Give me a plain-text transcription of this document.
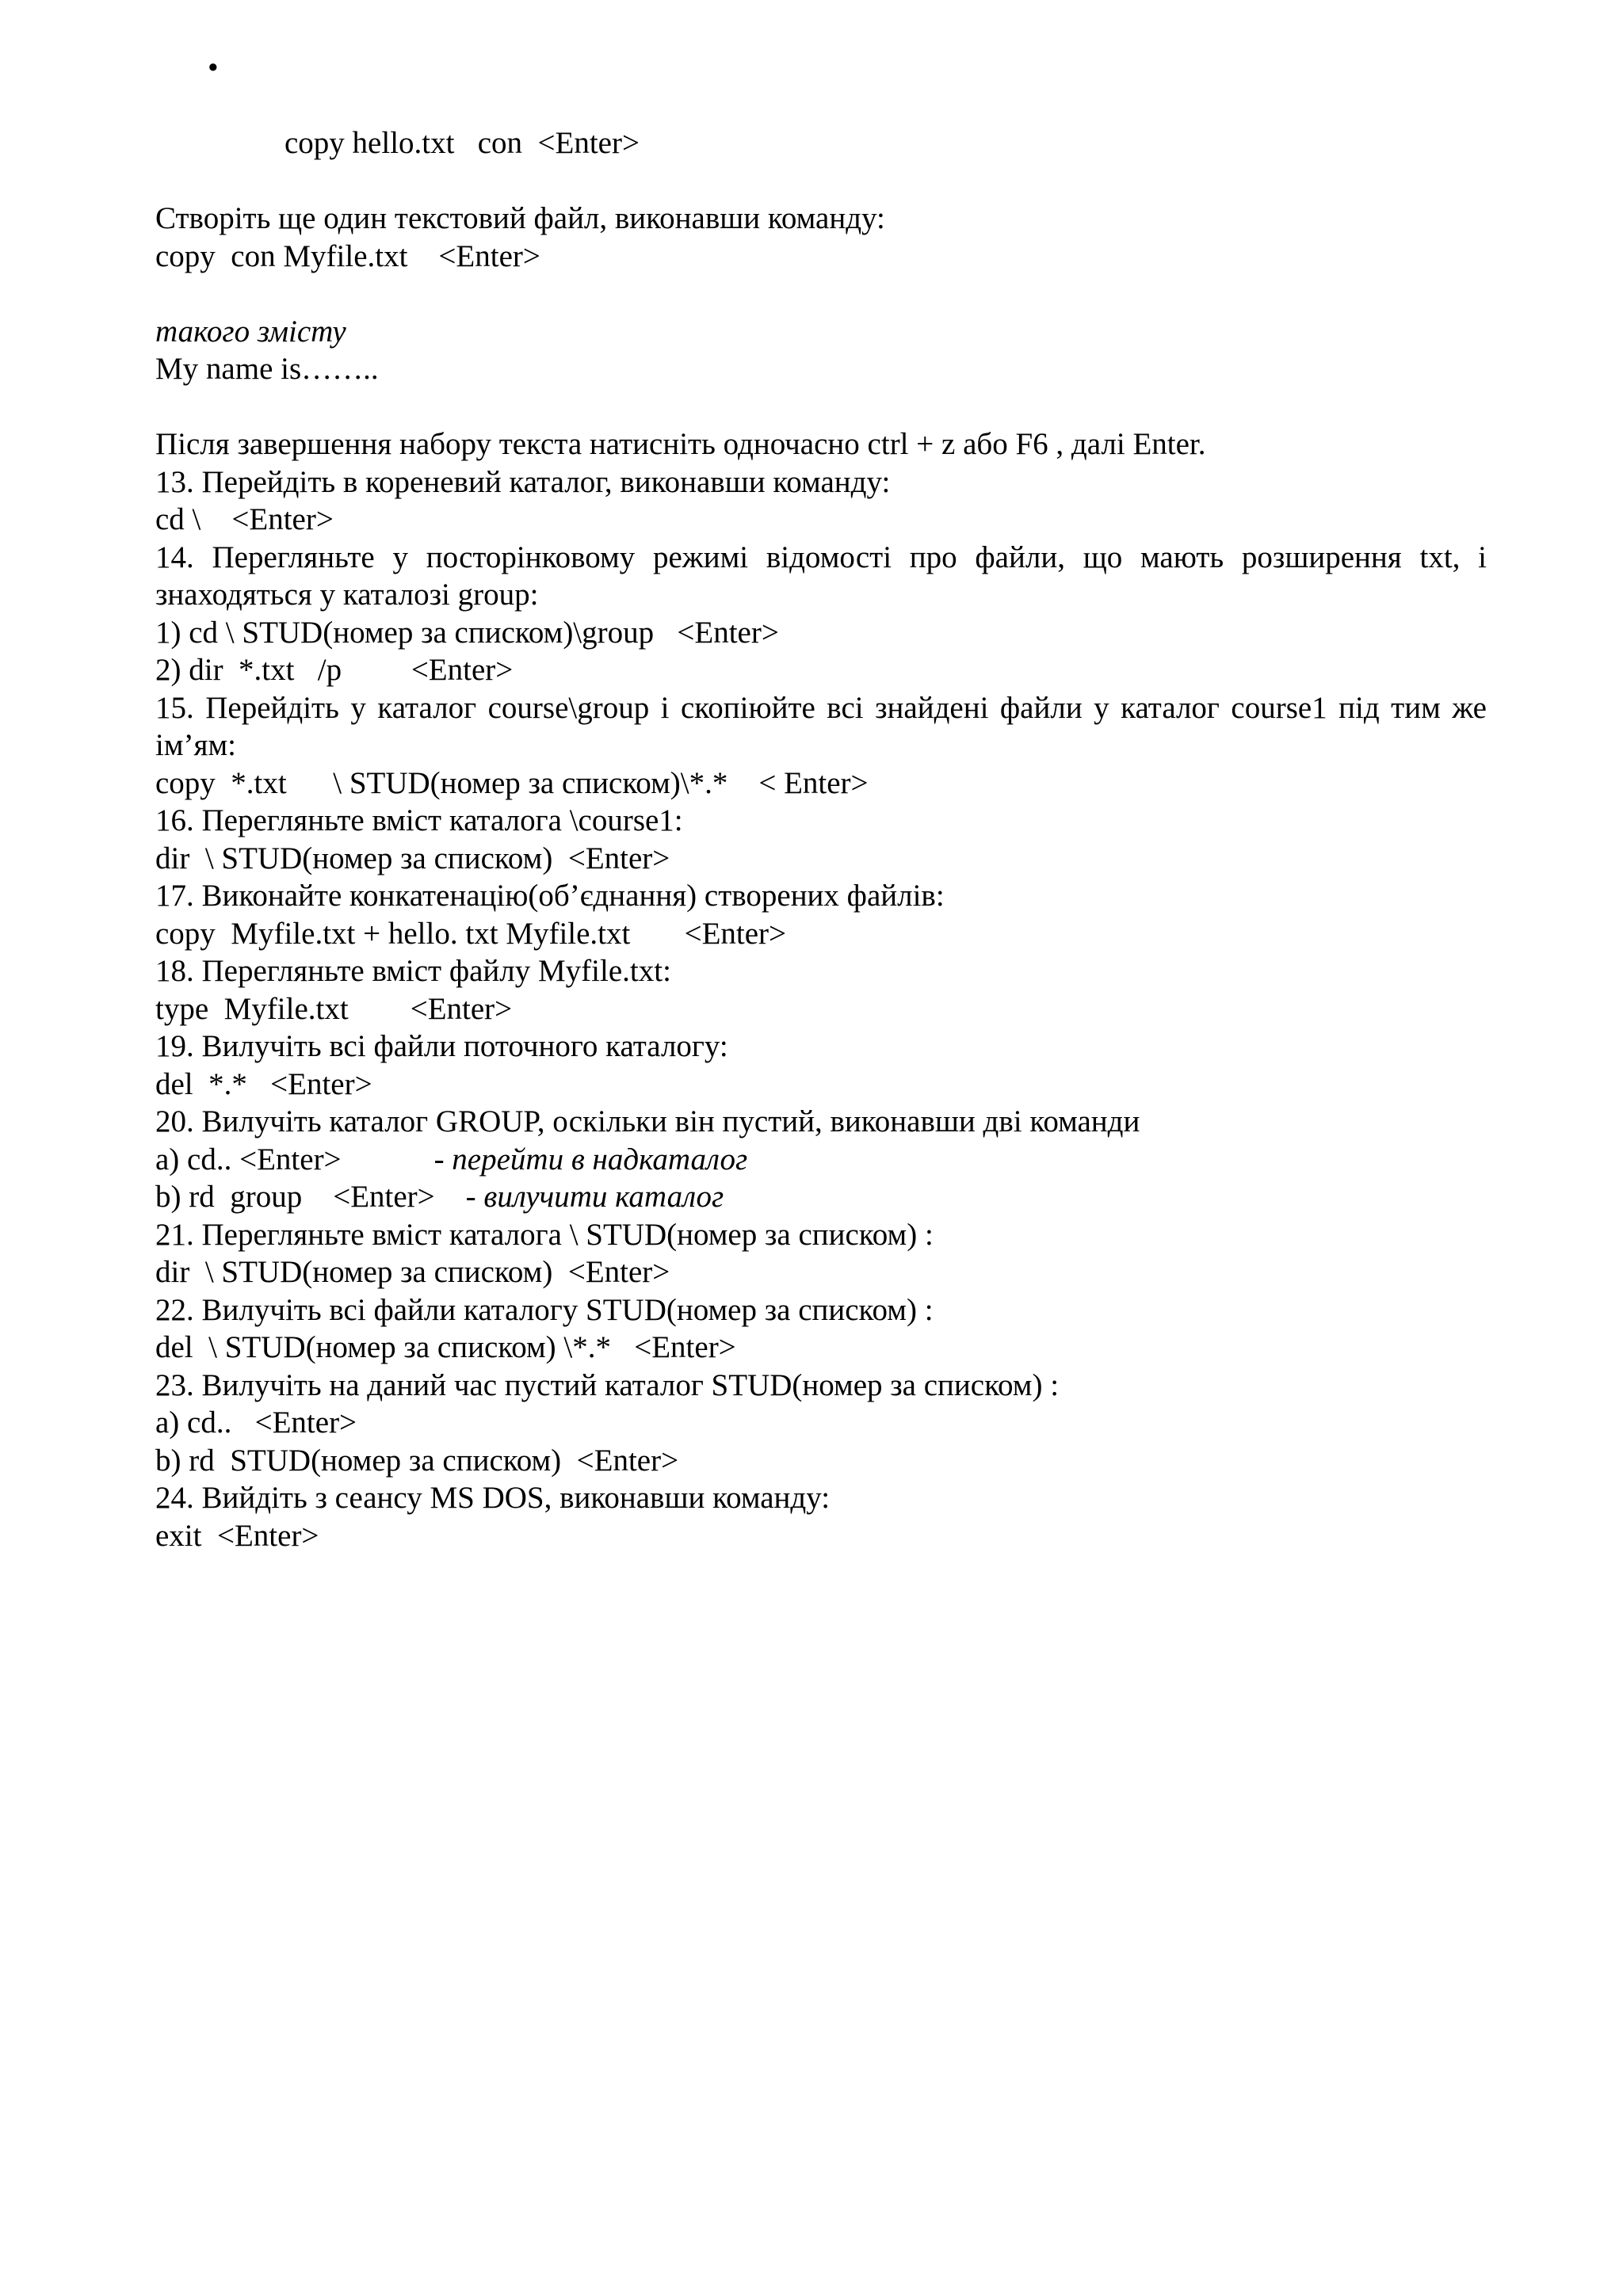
•

copy hello.txt   con  <Enter>

Створіть ще один текстовий файл, виконавши команду:
copy  con Myfile.txt    <Enter>
такого змісту
My name is……..
Після завершення набору текста натисніть одночасно ctrl + z або F6 , далі Enter.
13. Перейдіть в кореневий каталог, виконавши команду:
cd \    <Enter>
14. Перегляньте у посторінковому режимі відомості про файли, що мають розширення txt, і знаходяться у каталозі group:
1) cd \ STUD(номер за списком)\group   <Enter>
2) dir  *.txt   /p         <Enter>
15. Перейдіть у каталог course\group і скопіюйте всі знайдені файли у каталог course1 під тим же ім’ям:
copy  *.txt      \ STUD(номер за списком)\*.*    < Enter>
16. Перегляньте вміст каталога \course1:
dir  \ STUD(номер за списком)  <Enter>
17. Виконайте конкатенацію(об’єднання) створених файлів:
copy  Myfile.txt + hello. txt Myfile.txt       <Enter>
18. Перегляньте вміст файлу Myfile.txt:
type  Myfile.txt        <Enter>
19. Вилучіть всі файли поточного каталогу:
del  *.*   <Enter>
20. Вилучіть каталог GROUP, оскільки він пустий, виконавши дві команди
a) cd.. <Enter>            - перейти в надкаталог
b) rd  group    <Enter>    - вилучити каталог
21. Перегляньте вміст каталога \ STUD(номер за списком) :
dir  \ STUD(номер за списком)  <Enter>
22. Вилучіть всі файли каталогу STUD(номер за списком) :
del  \ STUD(номер за списком) \*.*   <Enter>
23. Вилучіть на даний час пустий каталог STUD(номер за списком) :
a) cd..   <Enter>
b) rd  STUD(номер за списком)  <Enter>
24. Вийдіть з сеансу MS DOS, виконавши команду:
exit  <Enter>
